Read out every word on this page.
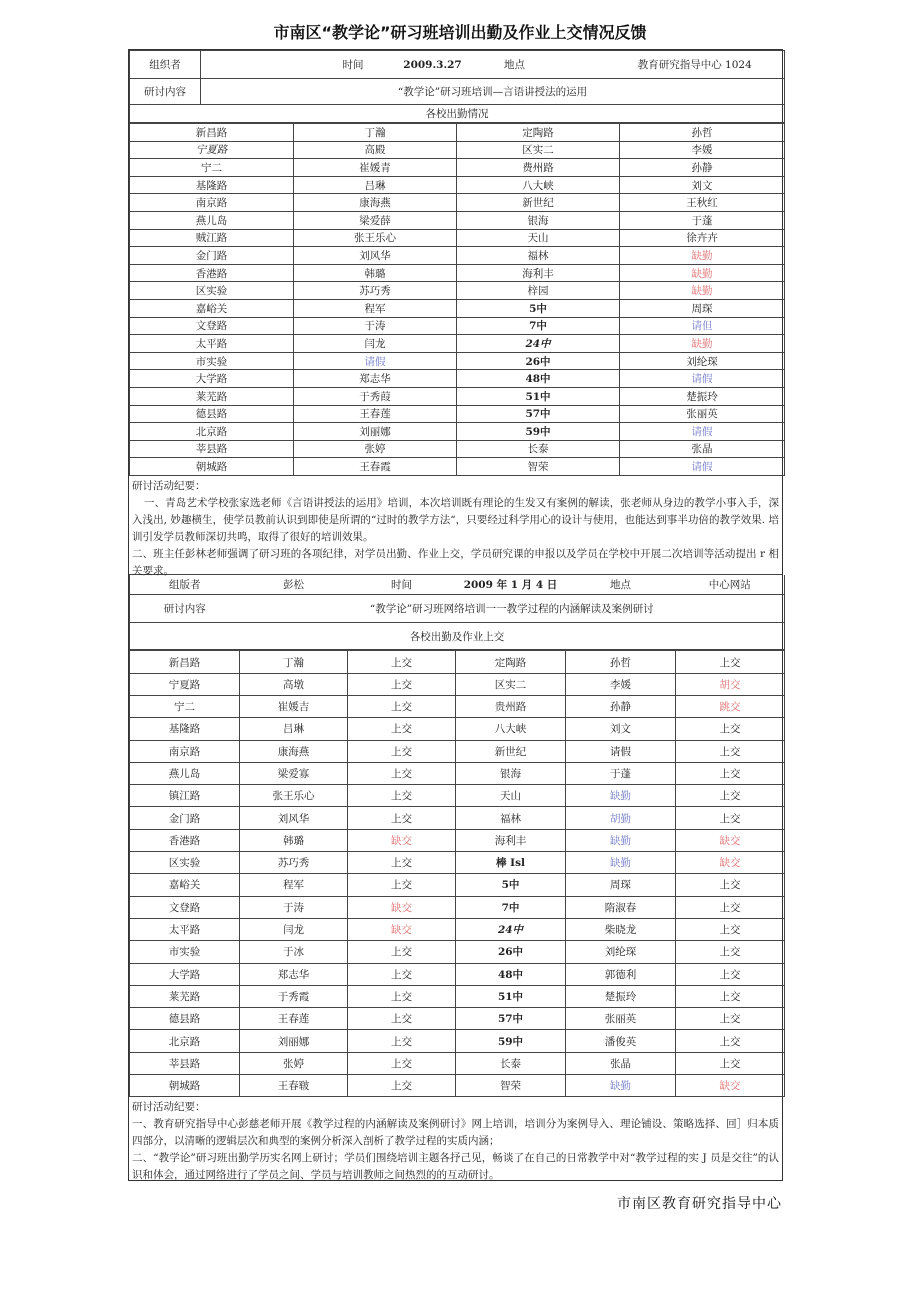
市南区“教学论”研习班培训出勤及作业上交情况反馈
组织者		时间	2009.3.27	地点		教育研究指导中心 1024
研讨内容	“教学论”研习班培训—言语讲授法的运用					
各校出勤情况						
新昌路	丁瀚	定陶路	孙哲
宁夏路	高殿	区实二	李媛
宁二	崔媛青	费州路	孙静
基隆路	吕琳	八大峡	刘文
南京路	康海燕	新世纪	王秋红
燕儿岛	梁爱薛	银海	于蓬
贼江路	张王乐心	天山	徐卉卉
金门路	刘风华	福林	缺勤
香港路	韩璐	海利丰	缺勤
区实验	苏巧秀	梓园	缺勤
嘉峪关	程军	5中	周琛
文登路	于涛	7中	请但
太平路	闫龙	24中	缺勤
市实验	请假	26中	刘纶琛
大学路	郑志华	48中	请假
莱芜路	于秀葭	51中	楚振玲
德县路	王春莲	57中	张丽英
北京路	刘丽娜	59中	请假
莘县路	张婷	长泰	张晶
朝城路	王春霞	智荣	请假

研讨活动纪要：

一、青岛艺术学校张家选老师《言语讲授法的运用》培训，本次培训既有理论的生发又有案例的解读，张老师从身边的教学小事入手，深入浅出, 妙趣横生，使学员教前认识到即使是所谓的“过时的教学方法“，只要经过科学用心的设计与使用，也能达到事半功倍的教学效果. 培训引发学员教师深切共鸣，取得了很好的培训效果。

二、班主任彭林老师强调了研习班的各项纪律，对学员出勤、作业上交，学员研究课的申报以及学员在学校中开展二次培训等活动提出 r 相关要求。

组版者	彭松	时间	2009 年 1 月 4 日	地点	中心网站
研讨内容	“教学论”研习班网络培训一一教学过程的内涵解读及案例研讨				
各校出勤及作业上交					
新昌路	丁瀚	上交	定陶路	孙哲	上交
宁夏路	高墩	上交	区实二	李媛	胡交
宁二	崔媛吉	上交	贵州路	孙静	跳交
基隆路	吕琳	上交	八大峡	刘文	上交
南京路	康海燕	上交	新世纪	请假	上交
燕儿岛	梁爱寡	上交	银海	于蓬	上交
镇江路	张王乐心	上交	天山	缺勤	上交
金门路	刘风华	上交	福林	胡勤	上交
香港路	韩璐	缺交	海利丰	缺勤	缺交
区实验	苏巧秀	上交	棒 Isl	缺勤	缺交
嘉峪关	程军	上交	5中	周琛	上交
文登路	于涛	缺交	7中	隋淑春	上交
太平路	闫龙	缺交	24中	柴晓龙	上交
市实验	于冰	上交	26中	刘纶琛	上交
大学路	郑志华	上交	48中	郭德利	上交
莱芜路	于秀霞	上交	51中	楚振玲	上交
德县路	王春莲	上交	57中	张丽英	上交
北京路	刘丽娜	上交	59中	潘俊英	上交
莘县路	张婷	上交	长泰	张晶	上交
朝城路	王春皲	上交	智荣	缺勤	缺交

研讨活动纪要：

一、教育研究指导中心彭慈老师开展《教学过程的内涵解读及案例研讨》网上培训，培训分为案例导入、理论铺设、策略选择、回］归本质四部分，以清晰的逻辑层次和典型的案例分析深入剖析了教学过程的实质内涵；

二、“教学论”研习班出勤学历实名网上研讨；学员们围绕培训主题各抒己见，畅谈了在自己的日常教学中对“教学过程的实 J 员是交往”的认识和体会，通过网络进行了学员之间、学员与培训教师之间热烈的的互动研讨。

市南区教育研究指导中心
